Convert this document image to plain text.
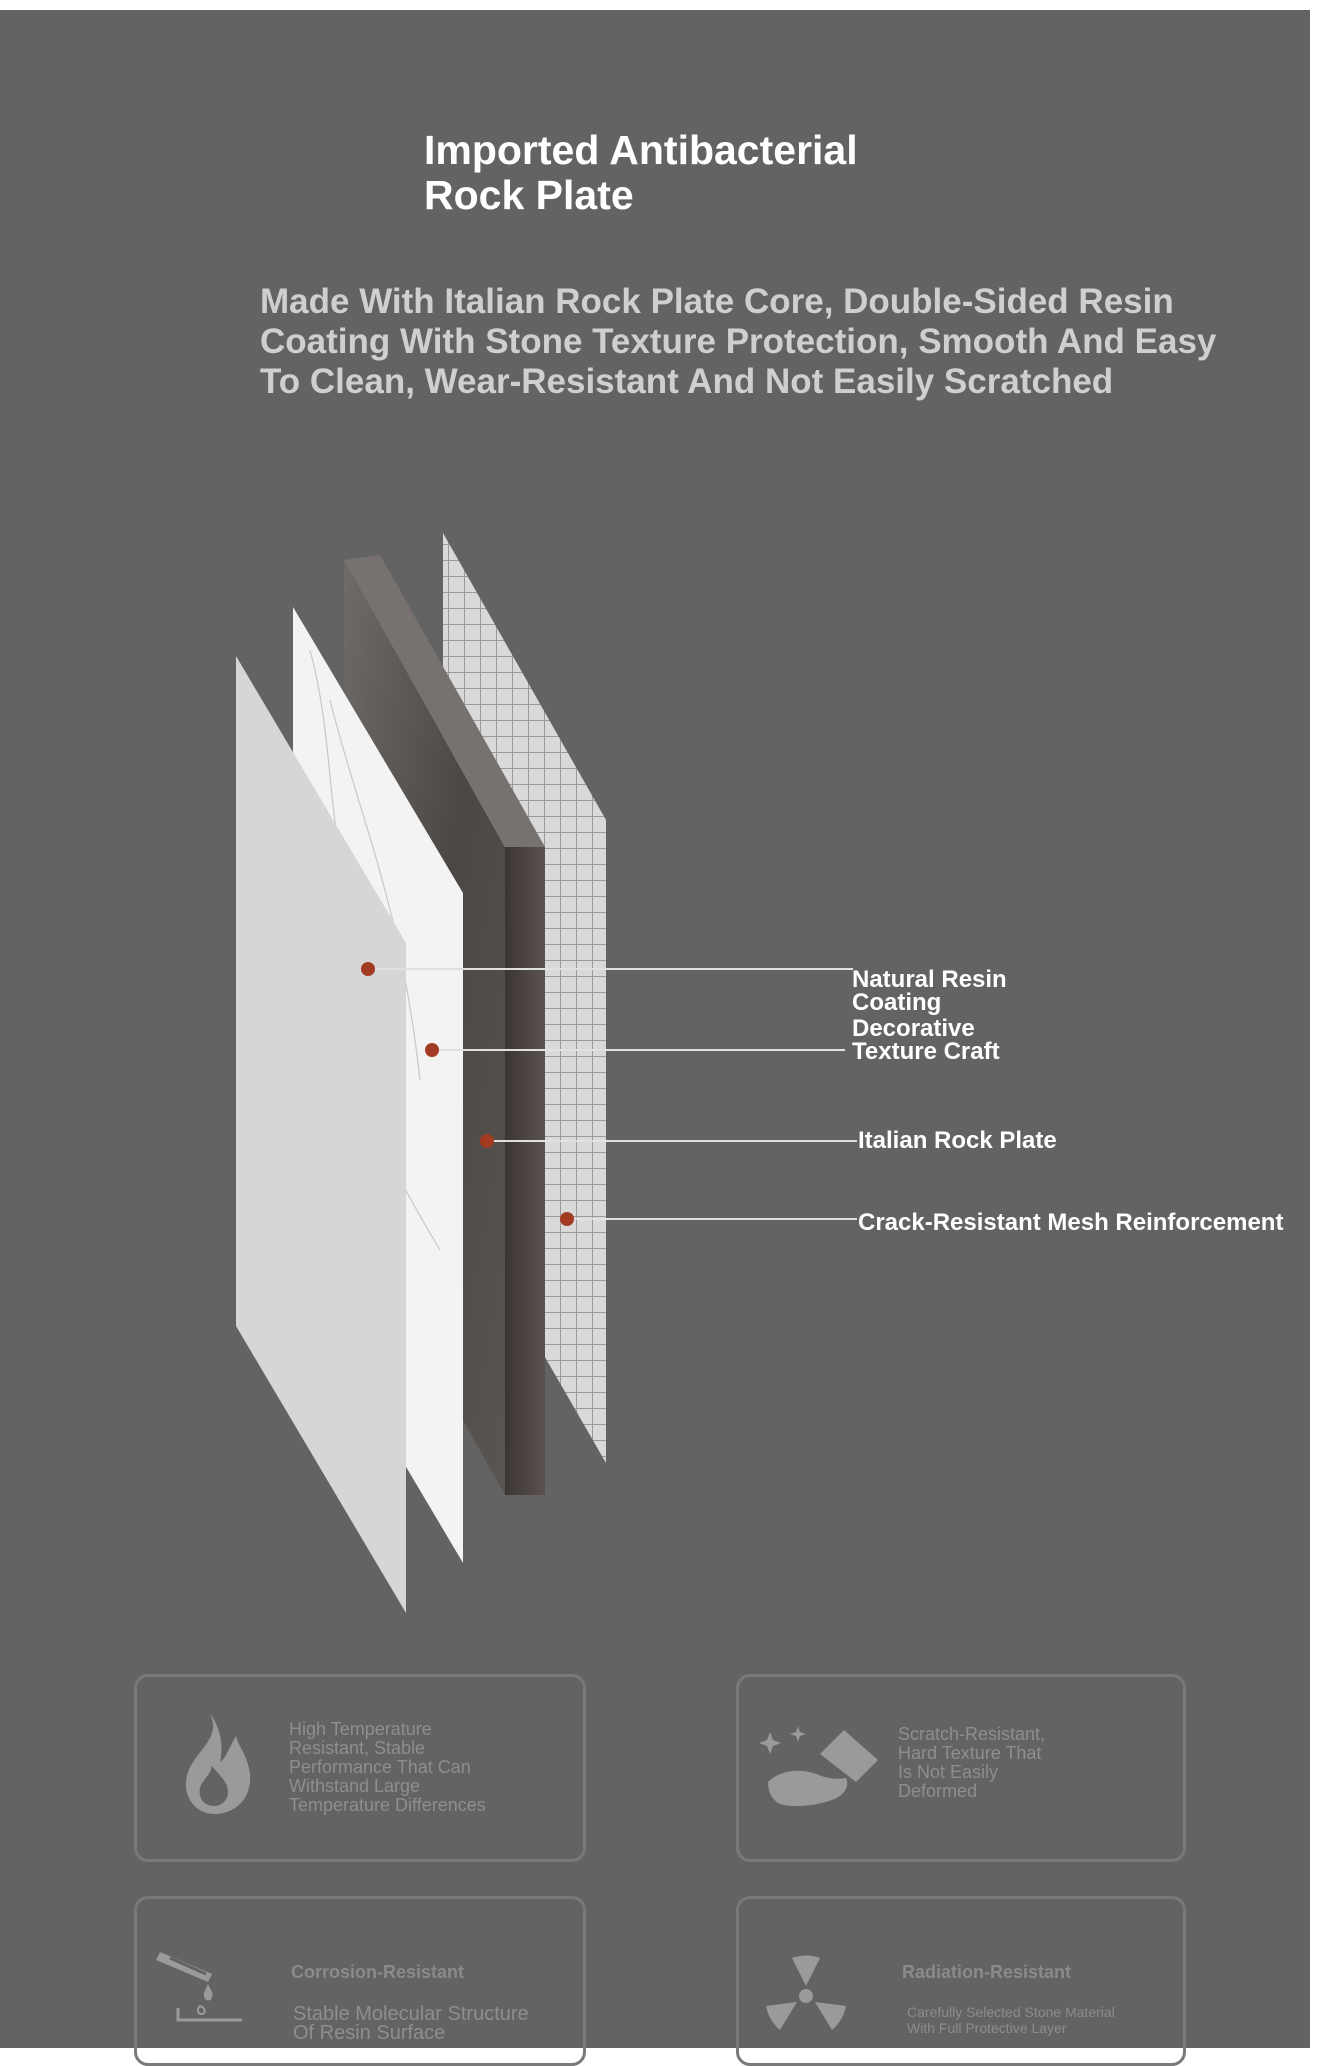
Imported Antibacterial
Rock Plate
Made With Italian Rock Plate Core, Double-Sided Resin
Coating With Stone Texture Protection, Smooth And Easy
To Clean, Wear-Resistant And Not Easily Scratched
Natural Resin
Coating
Decorative
Texture Craft
Italian Rock Plate
Crack-Resistant Mesh Reinforcement
High Temperature
Resistant, Stable
Performance That Can
Withstand Large
Temperature Differences
Scratch-Resistant,
Hard Texture That
Is Not Easily
Deformed
Corrosion-Resistant
Stable Molecular Structure
Of Resin Surface
Radiation-Resistant
Carefully Selected Stone Material
With Full Protective Layer
